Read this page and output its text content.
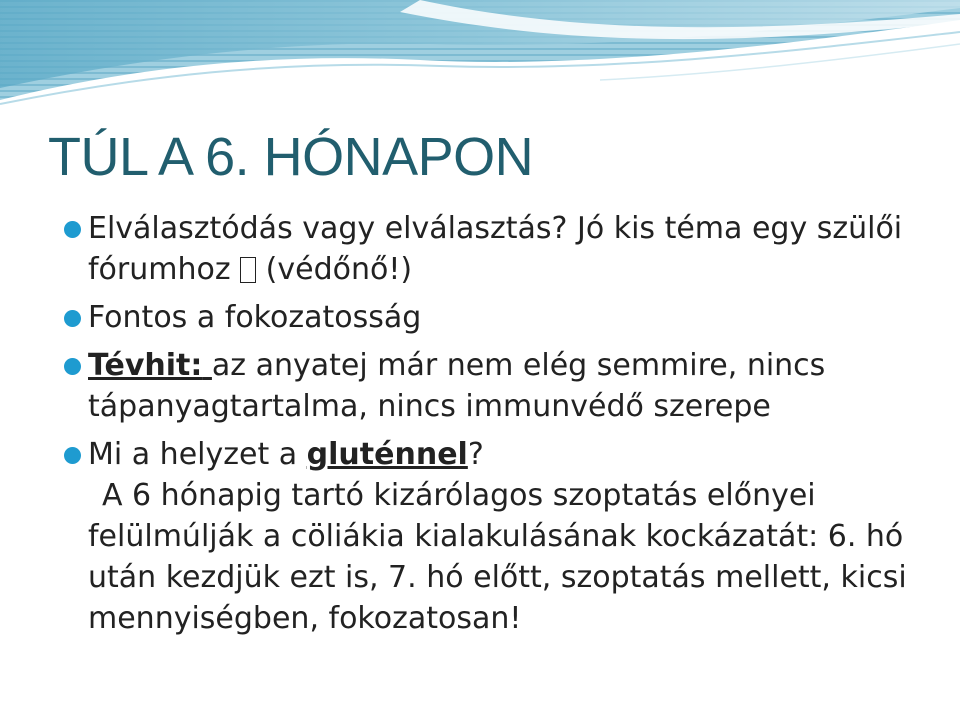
TÚL A 6. HÓNAPON
Elválasztódás vagy elválasztás? Jó kis téma egy szülői fórumhoz  (védőnő!)
Fontos a fokozatosság
Tévhit: az anyatej már nem elég semmire, nincs tápanyagtartalma, nincs immunvédő szerepe
Mi a helyzet a gluténnel?
A 6 hónapig tartó kizárólagos szoptatás előnyei felülmúlják a cöliákia kialakulásának kockázatát: 6. hó után kezdjük ezt is, 7. hó előtt, szoptatás mellett, kicsi mennyiségben, fokozatosan!
